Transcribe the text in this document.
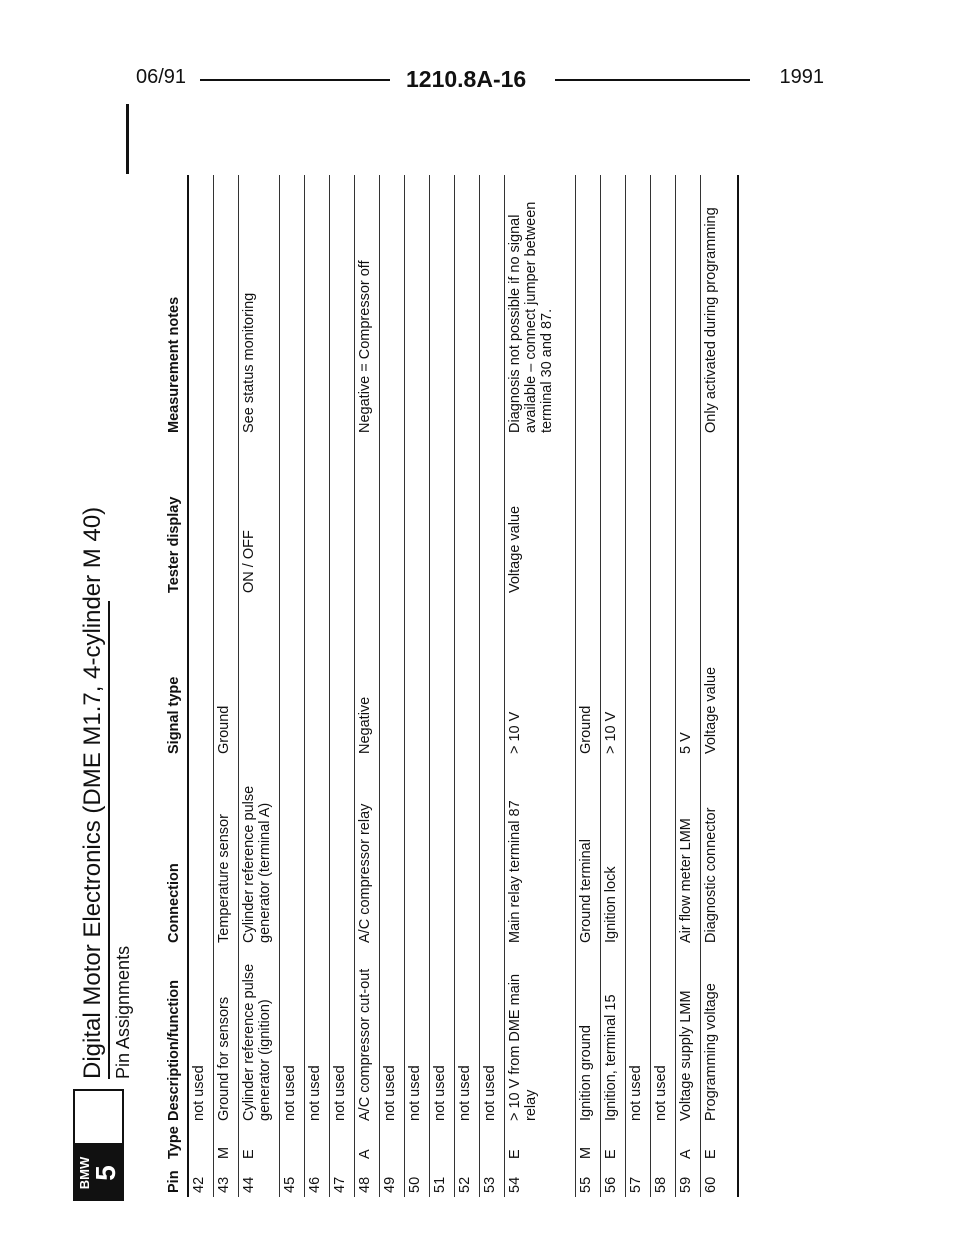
06/91	1210.8A-16	1991
BMW
5
Digital Motor Electronics (DME M1.7, 4-cylinder M 40) Pin Assignments
Pin	Type	Description/function	Connection	Signal type	Tester display	Measurement notes
42		not used				
43	M	Ground for sensors	Temperature sensor	Ground		
44	E	Cylinder reference pulse generator (ignition)	Cylinder reference pulse generator (terminal A)		ON / OFF	See status monitoring
45		not used				
46		not used				
47		not used				
48	A	A/C compressor cut-out	A/C compressor relay	Negative		Negative = Compressor off
49		not used				
50		not used				
51		not used				
52		not used				
53		not used				
54	E	> 10 V from DME main relay	Main relay terminal 87	> 10 V	Voltage value	Diagnosis not possible if no signal available – connect jumper between terminal 30 and 87.
55	M	Ignition ground	Ground terminal	Ground		
56	E	Ignition, terminal 15	Ignition lock	> 10 V		
57		not used				
58		not used				
59	A	Voltage supply LMM	Air flow meter LMM	5 V		
60	E	Programming voltage	Diagnostic connector	Voltage value		Only activated during programming
